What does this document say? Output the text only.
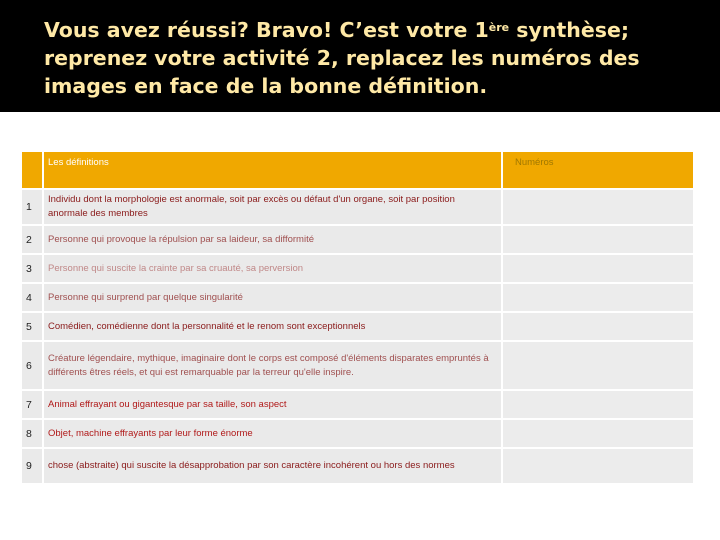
Vous avez réussi? Bravo! C’est votre 1ère synthèse; reprenez votre activité 2, replacez les numéros des images en face de la bonne définition.
	Les définitions	Numéros
1	Individu dont la morphologie est anormale, soit par excès ou défaut d'un organe, soit par position anormale des membres	
2	Personne qui provoque la répulsion par sa laideur, sa difformité	
3	Personne qui suscite la crainte par sa cruauté, sa perversion	
4	Personne qui surprend par quelque singularité	
5	Comédien, comédienne dont la personnalité et le renom sont exceptionnels	
6	Créature légendaire, mythique, imaginaire dont le corps est composé d'éléments disparates empruntés à différents êtres réels, et qui est remarquable par la terreur qu'elle inspire.	
7	Animal effrayant ou gigantesque par sa taille, son aspect	
8	Objet, machine effrayants par leur forme énorme	
9	chose (abstraite) qui suscite la désapprobation par son caractère incohérent ou hors des normes	
